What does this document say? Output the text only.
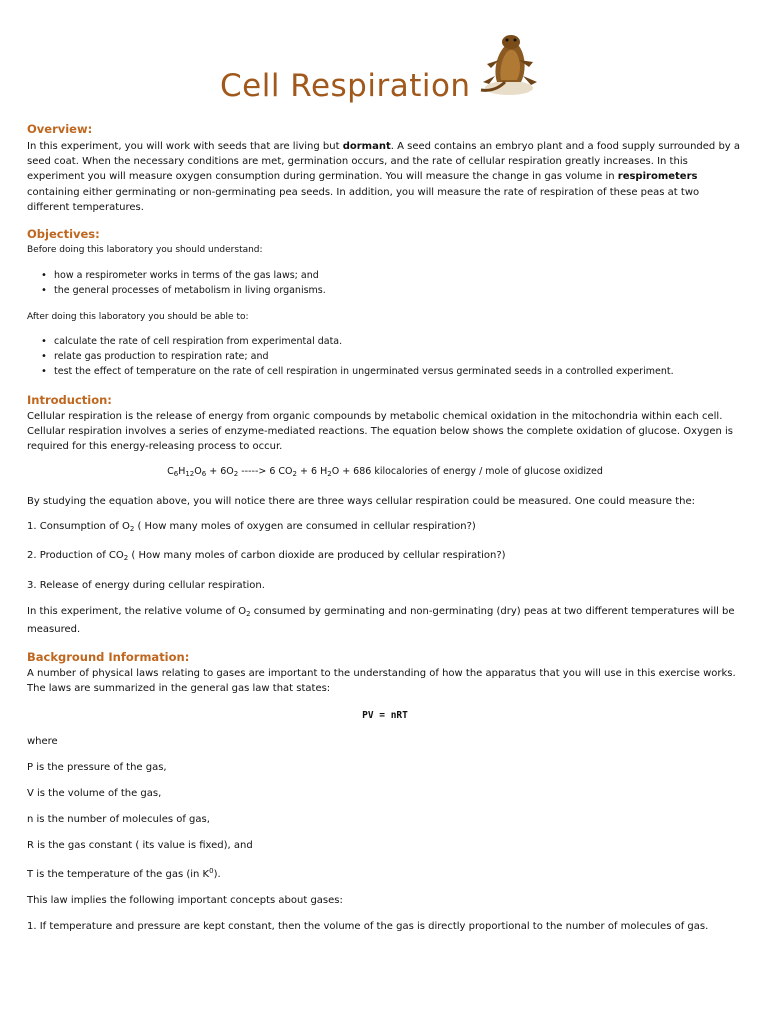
Cell Respiration
Overview:

In this experiment, you will work with seeds that are living but dormant. A seed contains an embryo plant and a food supply surrounded by a seed coat. When the necessary conditions are met, germination occurs, and the rate of cellular respiration greatly increases. In this experiment you will measure oxygen consumption during germination. You will measure the change in gas volume in respirometers containing either germinating or non-germinating pea seeds. In addition, you will measure the rate of respiration of these peas at two different temperatures.

Objectives:

Before doing this laboratory you should understand:

• how a respirometer works in terms of the gas laws; and
• the general processes of metabolism in living organisms.

After doing this laboratory you should be able to:

• calculate the rate of cell respiration from experimental data.
• relate gas production to respiration rate; and
• test the effect of temperature on the rate of cell respiration in ungerminated versus germinated seeds in a controlled experiment.
Introduction:

Cellular respiration is the release of energy from organic compounds by metabolic chemical oxidation in the mitochondria within each cell. Cellular respiration involves a series of enzyme-mediated reactions. The equation below shows the complete oxidation of glucose. Oxygen is required for this energy-releasing process to occur.

$C_6H_{12}O_6 + 6O_2$ -----> 6 $CO_2 + 6$ $H_2O + 686$ kilocalories of energy / mole of glucose oxidized

By studying the equation above, you will notice there are three ways cellular respiration could be measured. One could measure the:

1. Consumption of $O_2$ ( How many moles of oxygen are consumed in cellular respiration?)

2. Production of $CO_2$ ( How many moles of carbon dioxide are produced by cellular respiration?)

3. Release of energy during cellular respiration.

In this experiment, the relative volume of $O_2$ consumed by germinating and non-germinating (dry) peas at two different temperatures will be measured.

Background Information:

A number of physical laws relating to gases are important to the understanding of how the apparatus that you will use in this exercise works. The laws are summarized in the general gas law that states:

PV = nRT

where

P is the pressure of the gas,

V is the volume of the gas,

n is the number of molecules of gas,

R is the gas constant ( its value is fixed), and

T is the temperature of the gas (in $K^0$).

This law implies the following important concepts about gases:

1. If temperature and pressure are kept constant, then the volume of the gas is directly proportional to the number of molecules of gas.
